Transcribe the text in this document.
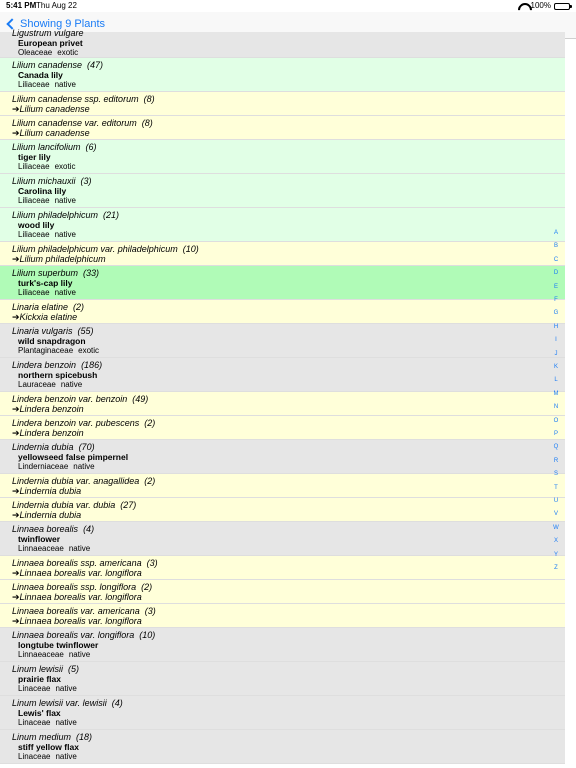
5:41 PM Thu Aug 22	100%
Showing 9 Plants
Ligustrum vulgare
European privet
Oleaceae exotic
Lilium canadense (47)
Canada lily
Liliaceae native
Lilium canadense ssp. editorum (8)
➔Lilium canadense
Lilium canadense var. editorum (8)
➔Lilium canadense
Lilium lancifolium (6)
tiger lily
Liliaceae exotic
Lilium michauxii (3)
Carolina lily
Liliaceae native
Lilium philadelphicum (21)
wood lily
Liliaceae native
Lilium philadelphicum var. philadelphicum (10)
➔Lilium philadelphicum
Lilium superbum (33)
turk's-cap lily
Liliaceae native
Linaria elatine (2)
➔Kickxia elatine
Linaria vulgaris (55)
wild snapdragon
Plantaginaceae exotic
Lindera benzoin (186)
northern spicebush
Lauraceae native
Lindera benzoin var. benzoin (49)
➔Lindera benzoin
Lindera benzoin var. pubescens (2)
➔Lindera benzoin
Lindernia dubia (70)
yellowseed false pimpernel
Linderniaceae native
Lindernia dubia var. anagallidea (2)
➔Lindernia dubia
Lindernia dubia var. dubia (27)
➔Lindernia dubia
Linnaea borealis (4)
twinflower
Linnaeaceae native
Linnaea borealis ssp. americana (3)
➔Linnaea borealis var. longiflora
Linnaea borealis ssp. longiflora (2)
➔Linnaea borealis var. longiflora
Linnaea borealis var. americana (3)
➔Linnaea borealis var. longiflora
Linnaea borealis var. longiflora (10)
longtube twinflower
Linnaeaceae native
Linum lewisii (5)
prairie flax
Linaceae native
Linum lewisii var. lewisii (4)
Lewis' flax
Linaceae native
Linum medium (18)
stiff yellow flax
Linaceae native
A
B
C
D
E
F
G
H
I
J
K
L
M
N
O
P
Q
R
S
T
U
V
W
X
Y
Z
